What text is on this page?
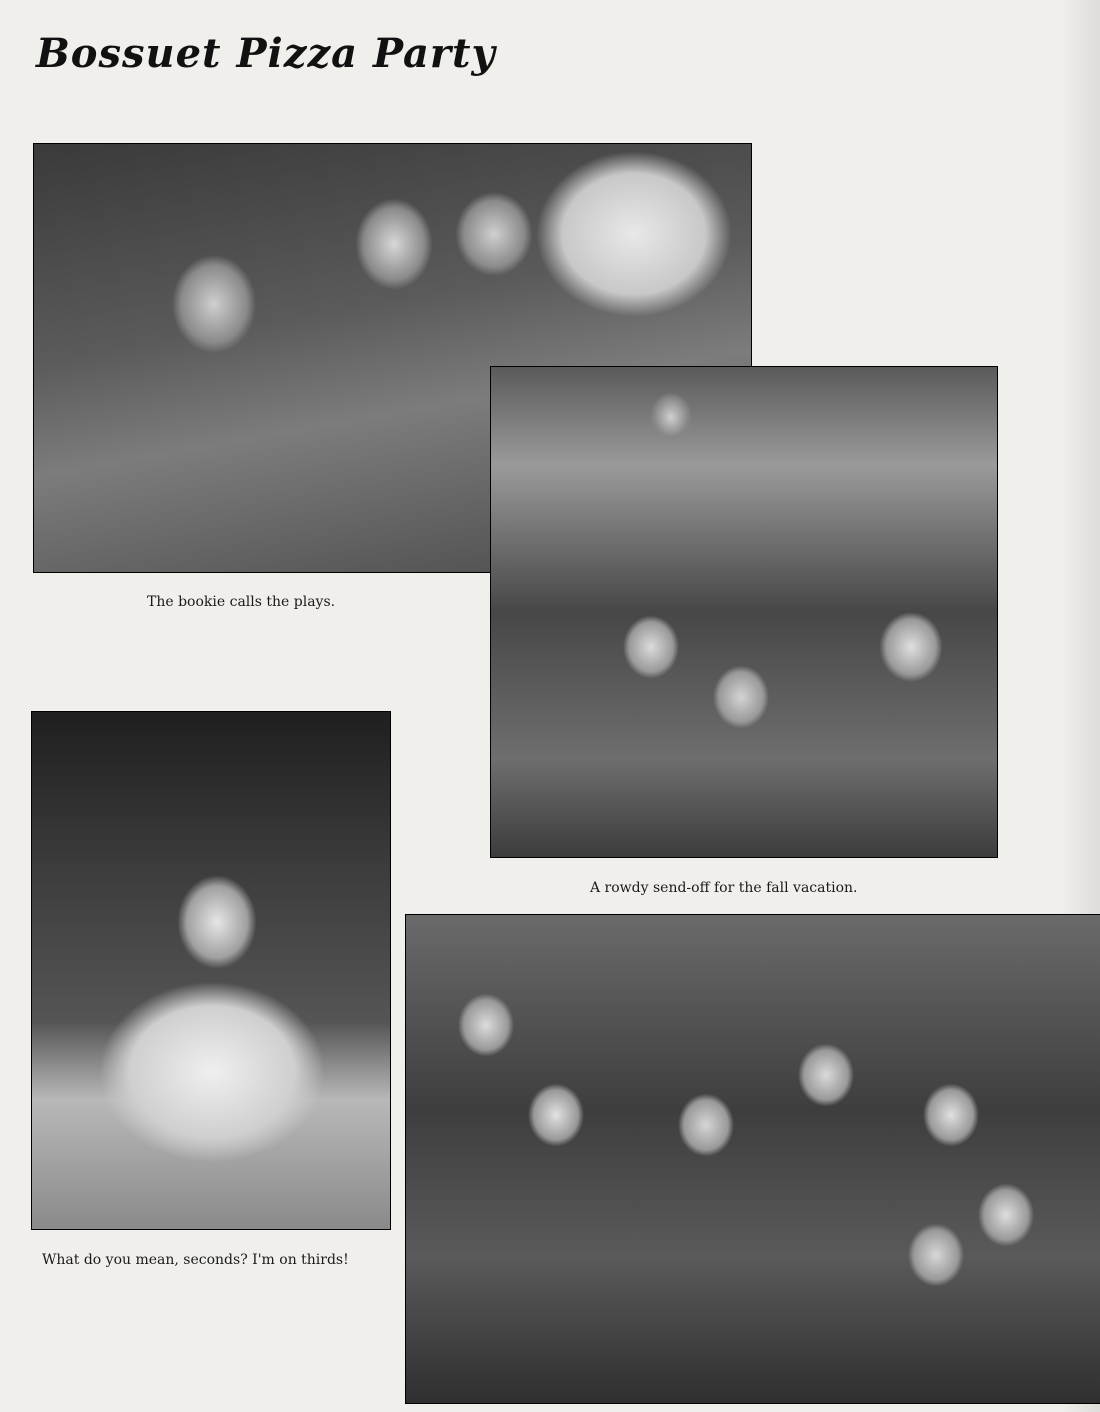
Bossuet Pizza Party

The bookie calls the plays.

A rowdy send-off for the fall vacation.

What do you mean, seconds? I'm on thirds!
